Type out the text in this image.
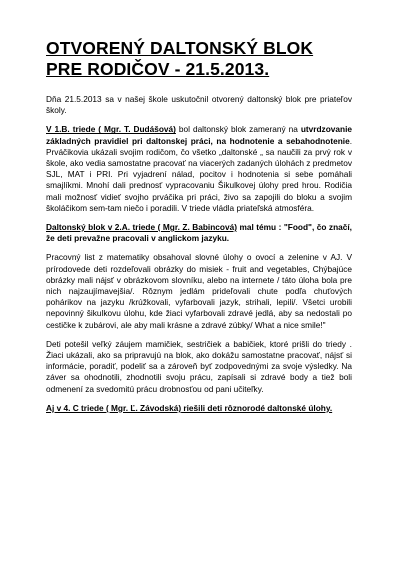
OTVORENÝ DALTONSKÝ BLOK PRE RODIČOV - 21.5.2013.

Dňa 21.5.2013 sa v našej škole uskutočnil otvorený daltonský blok pre priateľov školy.

V 1.B. triede ( Mgr. T. Dudášová) bol daltonský blok zameraný na utvrdzovanie základných pravidiel pri daltonskej práci, na hodnotenie a sebahodnotenie. Prváčikovia ukázali svojim rodičom, čo všetko „daltonské „ sa naučili za prvý rok v škole, ako vedia samostatne pracovať na viacerých zadaných úlohách z predmetov SJL, MAT i PRI. Pri vyjadrení nálad, pocitov i hodnotenia si sebe pomáhali smajlíkmi. Mnohí dali prednosť vypracovaniu Šikulkovej úlohy pred hrou. Rodičia mali možnosť vidieť svojho prváčika pri práci, živo sa zapojili do bloku a svojim školáčikom sem-tam niečo i poradili. V triede vládla priateľská atmosféra.

Daltonský blok v 2.A. triede ( Mgr. Z. Babincová) mal tému : "Food", čo značí, že deti prevažne pracovali v anglickom jazyku.

Pracovný list z matematiky obsahoval slovné úlohy o ovocí a zelenine v AJ. V prírodovede deti rozdeľovali obrázky do misiek - fruit and vegetables, Chýbajúce obrázky mali nájsť v obrázkovom slovníku, alebo na internete / táto úloha bola pre nich najzaujímavejšia/. Rôznym jedlám prideľovali chute podľa chuťových pohárikov na jazyku /krúžkovali, vyfarbovali jazyk, strihali, lepili/. Všetci urobili nepovinný šikulkovu úlohu, kde žiaci vyfarbovali zdravé jedlá, aby sa nedostali po cestičke k zubárovi, ale aby mali krásne a zdravé zúbky/ What a nice smile!"

Deti potešil veľký záujem mamičiek, sestričiek a babičiek, ktoré prišli do triedy . Žiaci ukázali, ako sa pripravujú na blok, ako dokážu samostatne pracovať, nájsť si informácie, poradiť, podeliť sa a zároveň byť zodpovednými za svoje výsledky. Na záver sa ohodnotili, zhodnotili svoju prácu, zapísali si zdravé body a tiež boli odmenení za svedomitú prácu drobnosťou od pani učiteľky.

Aj v 4. C triede ( Mgr. Ľ. Závodská) riešili deti rôznorodé daltonské úlohy.
